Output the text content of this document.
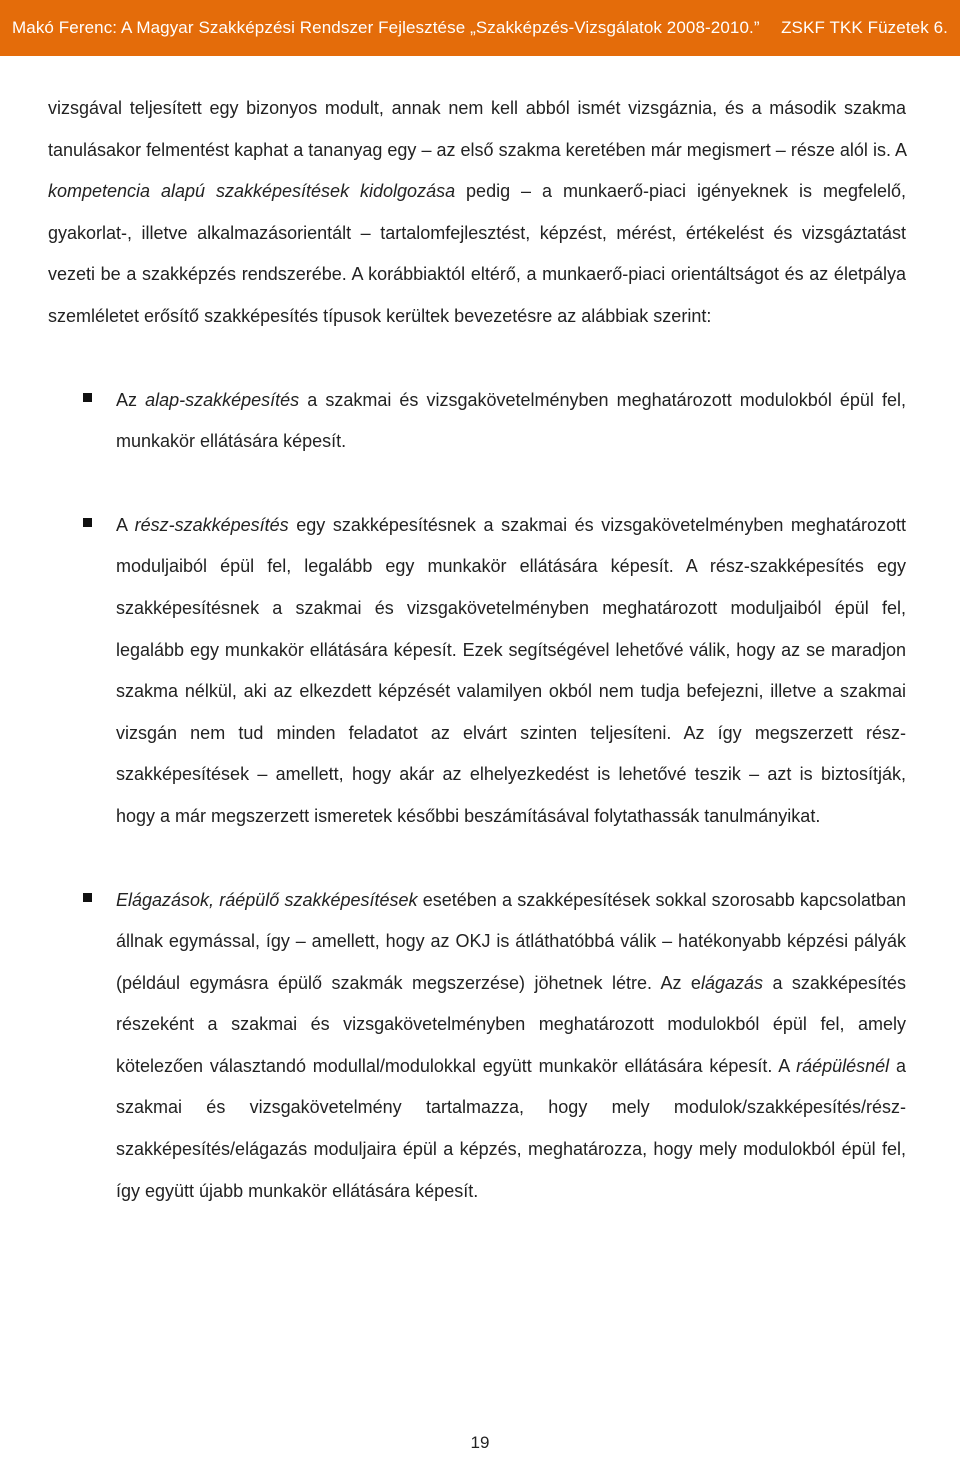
Makó Ferenc: A Magyar Szakképzési Rendszer Fejlesztése „Szakképzés-Vizsgálatok 2008-2010.” ZSKF TKK Füzetek 6.

vizsgával teljesített egy bizonyos modult, annak nem kell abból ismét vizsgáznia, és a második szakma tanulásakor felmentést kaphat a tananyag egy – az első szakma keretében már megismert – része alól is. A kompetencia alapú szakképesítések kidolgozása pedig – a munkaerő-piaci igényeknek is megfelelő, gyakorlat-, illetve alkalmazásorientált – tartalomfejlesztést, képzést, mérést, értékelést és vizsgáztatást vezeti be a szakképzés rendszerébe. A korábbiaktól eltérő, a munkaerő-piaci orientáltságot és az életpálya szemléletet erősítő szakképesítés típusok kerültek bevezetésre az alábbiak szerint:

Az alap-szakképesítés a szakmai és vizsgakövetelményben meghatározott modulokból épül fel, munkakör ellátására képesít.

A rész-szakképesítés egy szakképesítésnek a szakmai és vizsgakövetelményben meghatározott moduljaiból épül fel, legalább egy munkakör ellátására képesít. A rész-szakképesítés egy szakképesítésnek a szakmai és vizsgakövetelményben meghatározott moduljaiból épül fel, legalább egy munkakör ellátására képesít. Ezek segítségével lehetővé válik, hogy az se maradjon szakma nélkül, aki az elkezdett képzését valamilyen okból nem tudja befejezni, illetve a szakmai vizsgán nem tud minden feladatot az elvárt szinten teljesíteni. Az így megszerzett rész-szakképesítések – amellett, hogy akár az elhelyezkedést is lehetővé teszik – azt is biztosítják, hogy a már megszerzett ismeretek későbbi beszámításával folytathassák tanulmányikat.

Elágazások, ráépülő szakképesítések esetében a szakképesítések sokkal szorosabb kapcsolatban állnak egymással, így – amellett, hogy az OKJ is átláthatóbbá válik – hatékonyabb képzési pályák (például egymásra épülő szakmák megszerzése) jöhetnek létre. Az elágazás a szakképesítés részeként a szakmai és vizsgakövetelményben meghatározott modulokból épül fel, amely kötelezően választandó modullal/modulokkal együtt munkakör ellátására képesít. A ráépülésnél a szakmai és vizsgakövetelmény tartalmazza, hogy mely modulok/szakképesítés/rész-szakképesítés/elágazás moduljaira épül a képzés, meghatározza, hogy mely modulokból épül fel, így együtt újabb munkakör ellátására képesít.

19
